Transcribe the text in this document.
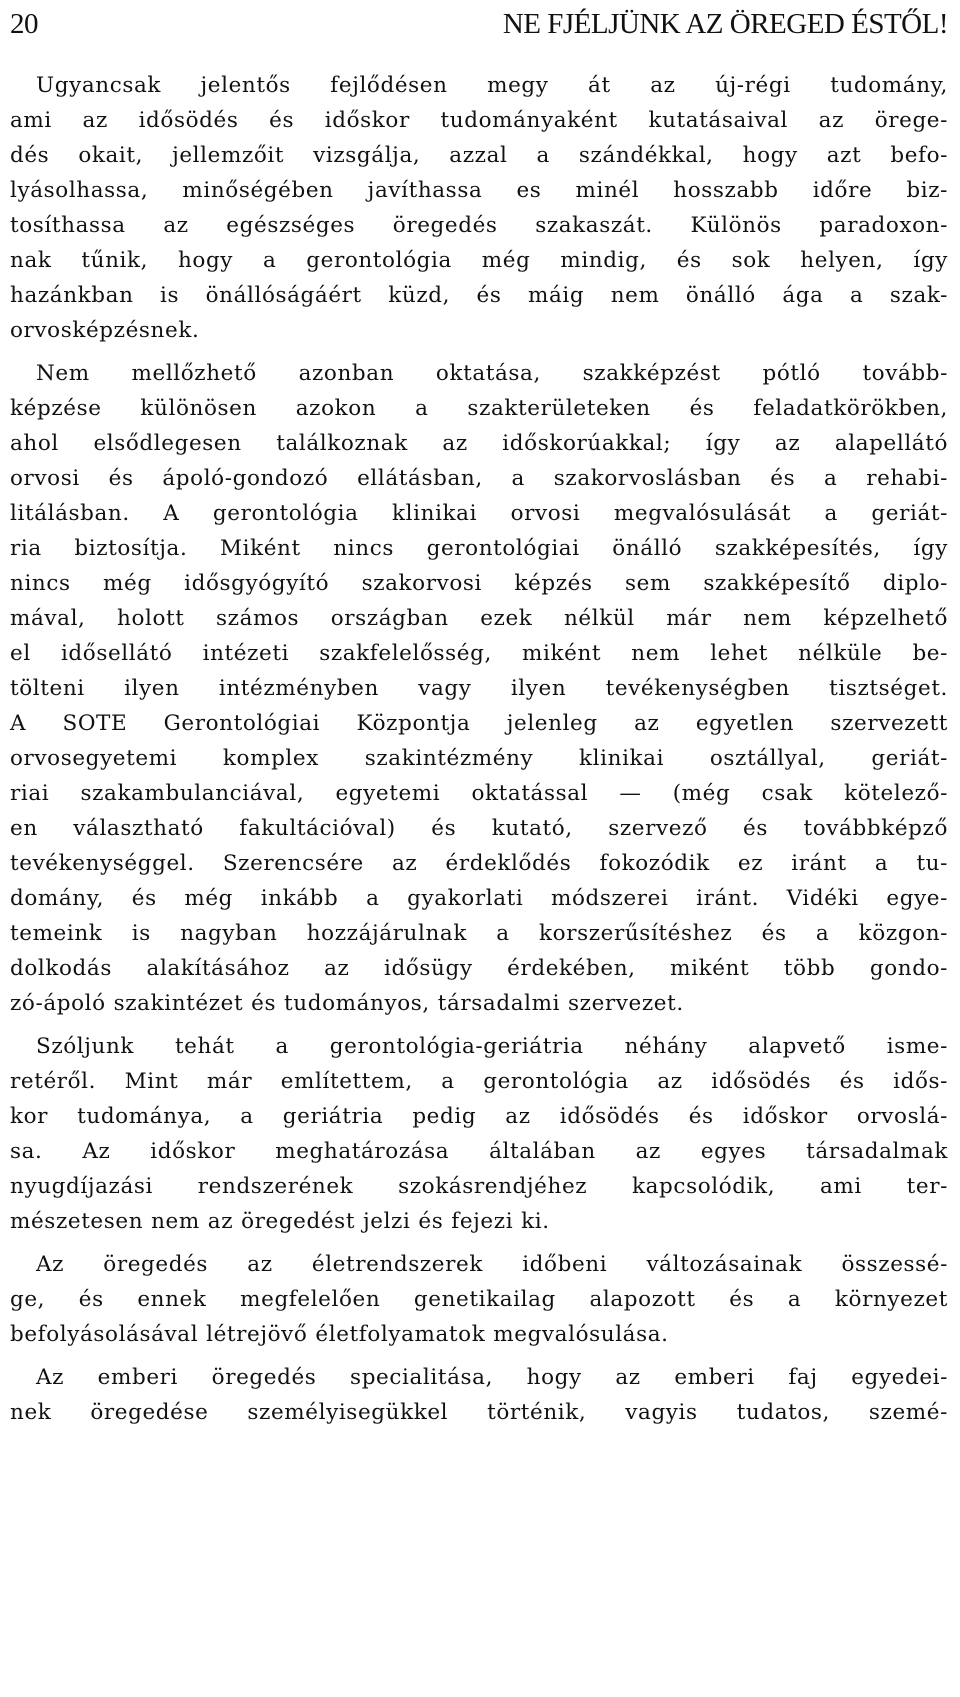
20	NE FJÉLJÜNK AZ ÖREGED ÉSTŐL!
Ugyancsak jelentős fejlődésen megy át az új-régi tudomány,
ami az idősödés és időskor tudományaként kutatásaival az örege-
dés okait, jellemzőit vizsgálja, azzal a szándékkal, hogy azt befo-
lyásolhassa, minőségében javíthassa es minél hosszabb időre biz-
tosíthassa az egészséges öregedés szakaszát. Különös paradoxon-
nak tűnik, hogy a gerontológia még mindig, és sok helyen, így
hazánkban is önállóságáért küzd, és máig nem önálló ága a szak-
orvosképzésnek.
Nem mellőzhető azonban oktatása, szakképzést pótló tovább-
képzése különösen azokon a szakterületeken és feladatkörökben,
ahol elsődlegesen találkoznak az időskorúakkal; így az alapellátó
orvosi és ápoló-gondozó ellátásban, a szakorvoslásban és a rehabi-
litálásban. A gerontológia klinikai orvosi megvalósulását a geriát-
ria biztosítja. Miként nincs gerontológiai önálló szakképesítés, így
nincs még idősgyógyító szakorvosi képzés sem szakképesítő diplo-
mával, holott számos országban ezek nélkül már nem képzelhető
el idősellátó intézeti szakfelelősség, miként nem lehet nélküle be-
tölteni ilyen intézményben vagy ilyen tevékenységben tisztséget.
A SOTE Gerontológiai Központja jelenleg az egyetlen szervezett
orvosegyetemi komplex szakintézmény klinikai osztállyal, geriát-
riai szakambulanciával, egyetemi oktatással — (még csak kötelező-
en választható fakultációval) és kutató, szervező és továbbképző
tevékenységgel. Szerencsére az érdeklődés fokozódik ez iránt a tu-
domány, és még inkább a gyakorlati módszerei iránt. Vidéki egye-
temeink is nagyban hozzájárulnak a korszerűsítéshez és a közgon-
dolkodás alakításához az idősügy érdekében, miként több gondo-
zó-ápoló szakintézet és tudományos, társadalmi szervezet.
Szóljunk tehát a gerontológia-geriátria néhány alapvető isme-
retéről. Mint már említettem, a gerontológia az idősödés és idős-
kor tudománya, a geriátria pedig az idősödés és időskor orvoslá-
sa. Az időskor meghatározása általában az egyes társadalmak
nyugdíjazási rendszerének szokásrendjéhez kapcsolódik, ami ter-
mészetesen nem az öregedést jelzi és fejezi ki.
Az öregedés az életrendszerek időbeni változásainak összessé-
ge, és ennek megfelelően genetikailag alapozott és a környezet
befolyásolásával létrejövő életfolyamatok megvalósulása.
Az emberi öregedés specialitása, hogy az emberi faj egyedei-
nek öregedése személyisegükkel történik, vagyis tudatos, szemé-
